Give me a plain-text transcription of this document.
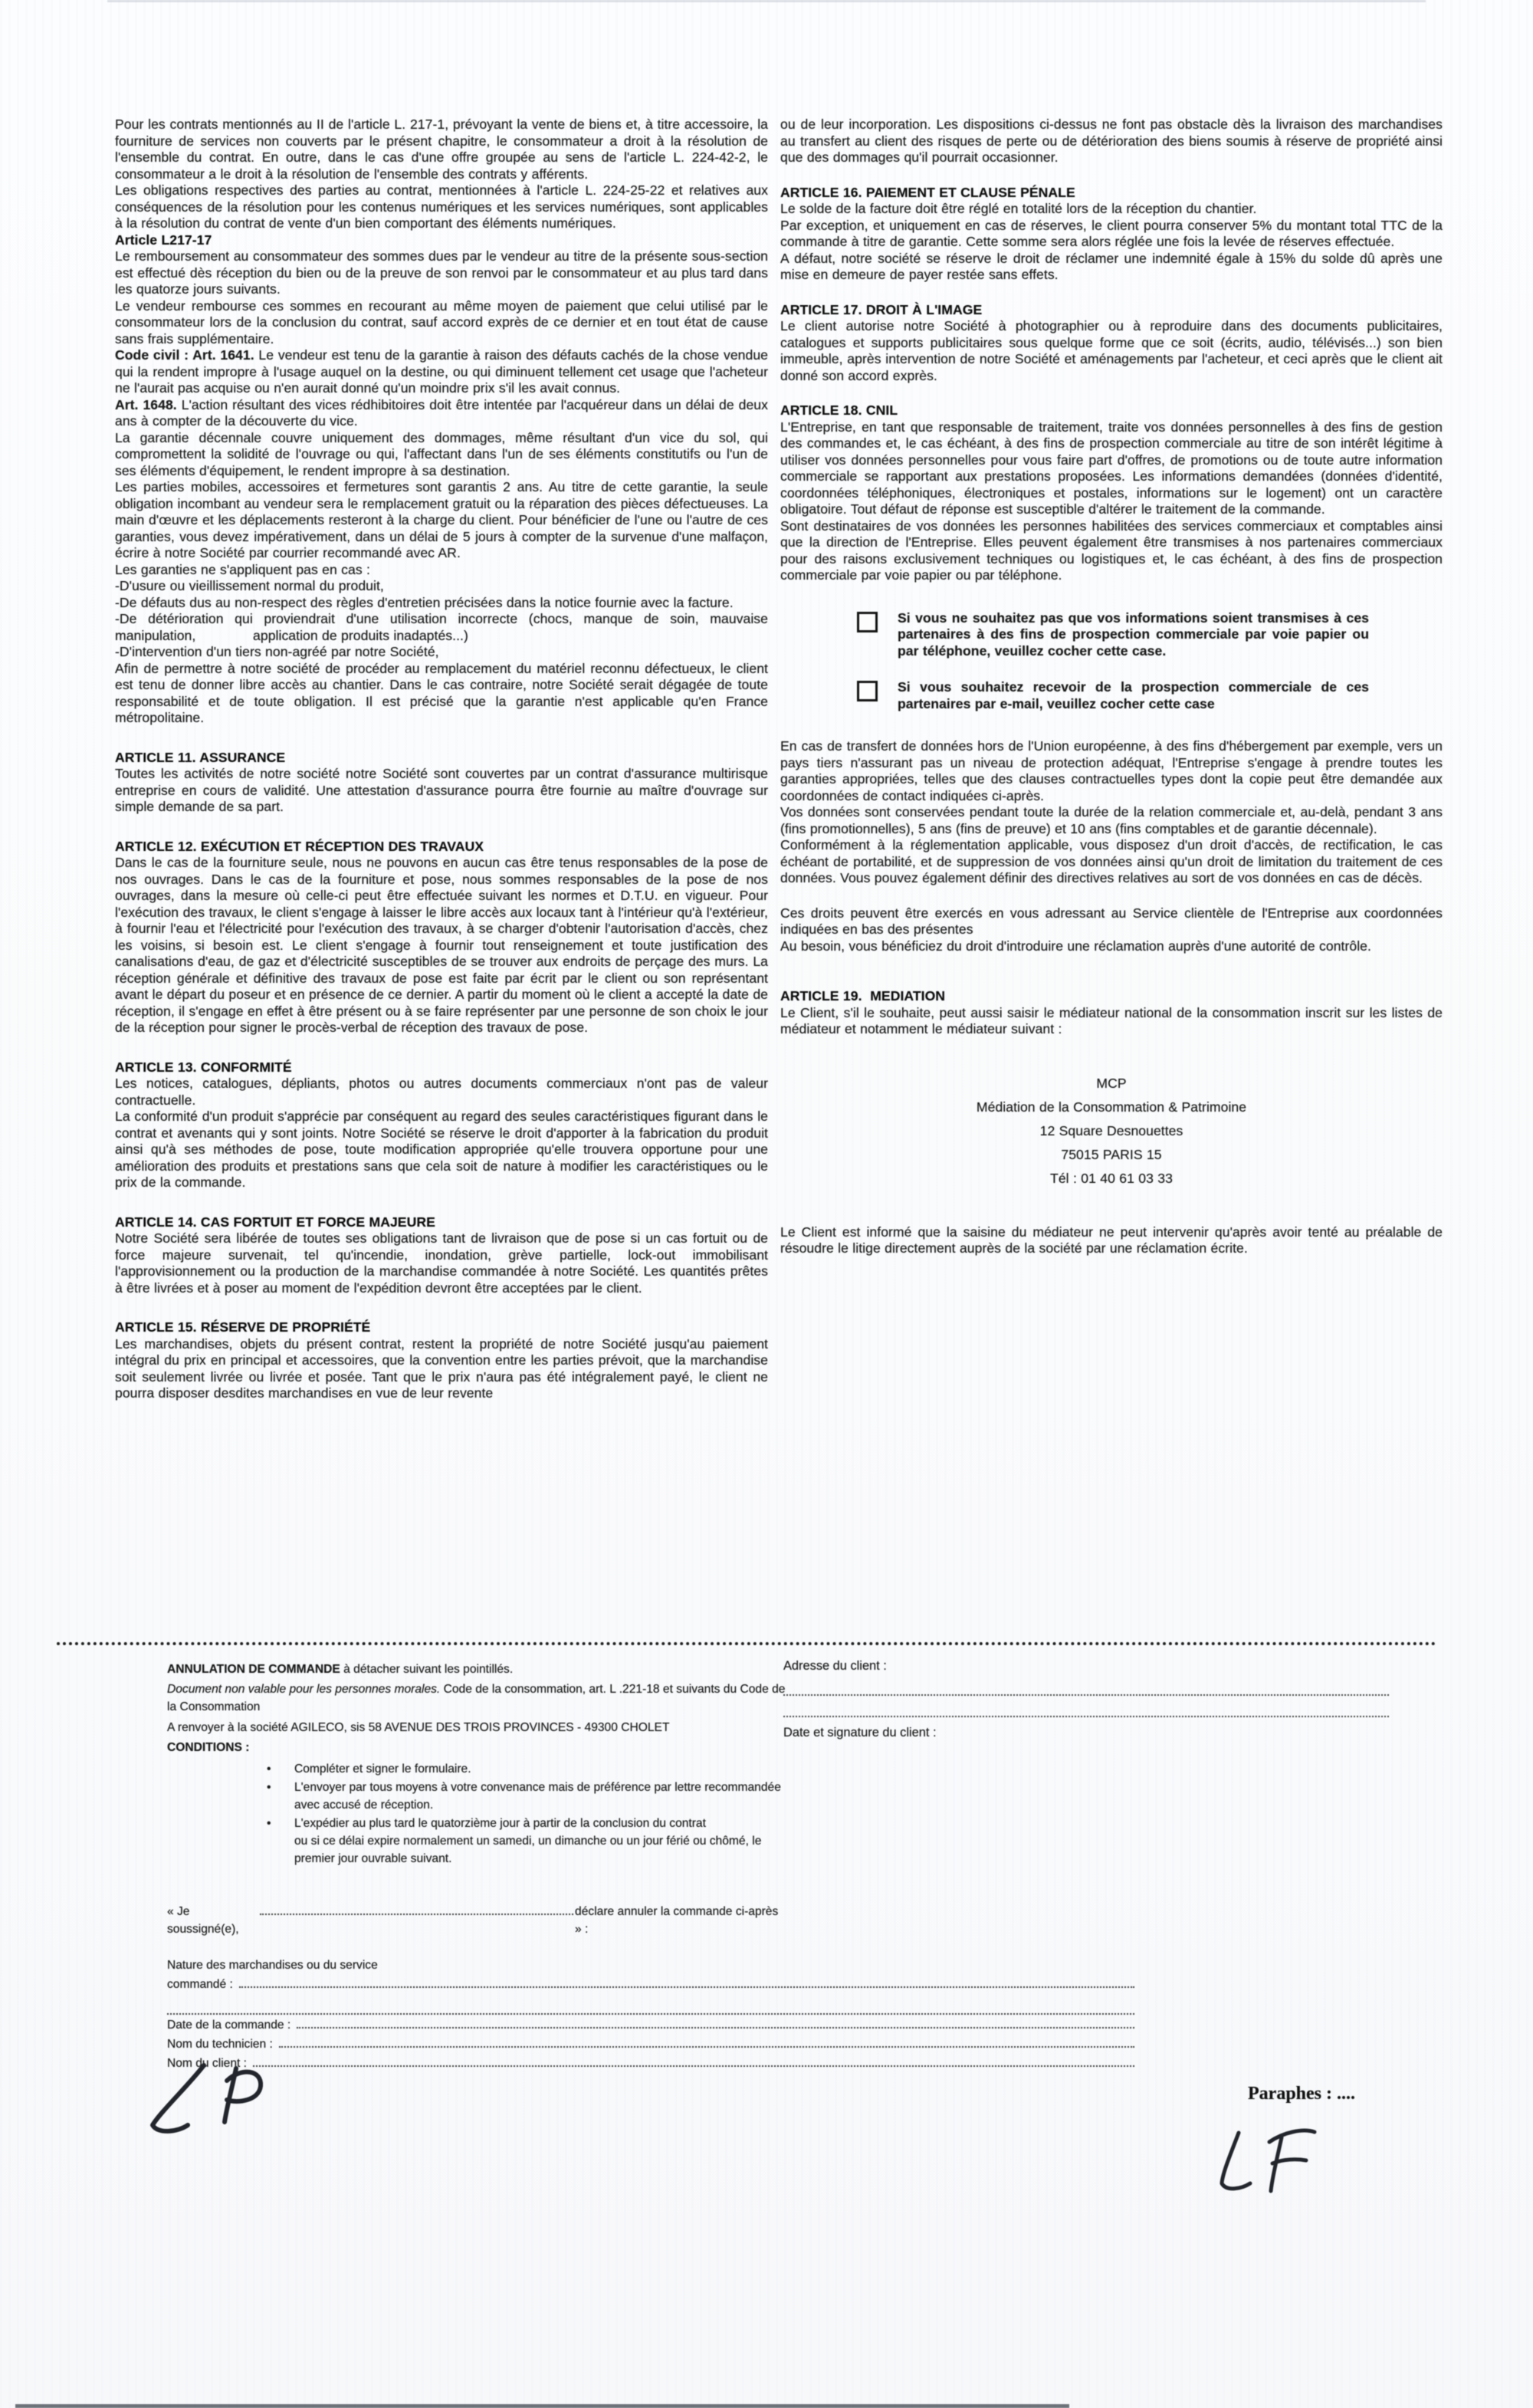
Pour les contrats mentionnés au II de l'article L. 217-1, prévoyant la vente de biens et, à titre accessoire, la fourniture de services non couverts par le présent chapitre, le consommateur a droit à la résolution de l'ensemble du contrat. En outre, dans le cas d'une offre groupée au sens de l'article L. 224-42-2, le consommateur a le droit à la résolution de l'ensemble des contrats y afférents.

Les obligations respectives des parties au contrat, mentionnées à l'article L. 224-25-22 et relatives aux conséquences de la résolution pour les contenus numériques et les services numériques, sont applicables à la résolution du contrat de vente d'un bien comportant des éléments numériques.

Article L217-17

Le remboursement au consommateur des sommes dues par le vendeur au titre de la présente sous-section est effectué dès réception du bien ou de la preuve de son renvoi par le consommateur et au plus tard dans les quatorze jours suivants.

Le vendeur rembourse ces sommes en recourant au même moyen de paiement que celui utilisé par le consommateur lors de la conclusion du contrat, sauf accord exprès de ce dernier et en tout état de cause sans frais supplémentaire.

Code civil : Art. 1641. Le vendeur est tenu de la garantie à raison des défauts cachés de la chose vendue qui la rendent impropre à l'usage auquel on la destine, ou qui diminuent tellement cet usage que l'acheteur ne l'aurait pas acquise ou n'en aurait donné qu'un moindre prix s'il les avait connus.

Art. 1648. L'action résultant des vices rédhibitoires doit être intentée par l'acquéreur dans un délai de deux ans à compter de la découverte du vice.

La garantie décennale couvre uniquement des dommages, même résultant d'un vice du sol, qui compromettent la solidité de l'ouvrage ou qui, l'affectant dans l'un de ses éléments constitutifs ou l'un de ses éléments d'équipement, le rendent impropre à sa destination.

Les parties mobiles, accessoires et fermetures sont garantis 2 ans. Au titre de cette garantie, la seule obligation incombant au vendeur sera le remplacement gratuit ou la réparation des pièces défectueuses. La main d'œuvre et les déplacements resteront à la charge du client. Pour bénéficier de l'une ou l'autre de ces garanties, vous devez impérativement, dans un délai de 5 jours à compter de la survenue d'une malfaçon, écrire à notre Société par courrier recommandé avec AR.

Les garanties ne s'appliquent pas en cas :

-D'usure ou vieillissement normal du produit,

-De défauts dus au non-respect des règles d'entretien précisées dans la notice fournie avec la facture.

-De détérioration qui proviendrait d'une utilisation incorrecte (chocs, manque de soin, mauvaise manipulation,              application de produits inadaptés...)

-D'intervention d'un tiers non-agréé par notre Société,

Afin de permettre à notre société de procéder au remplacement du matériel reconnu défectueux, le client est tenu de donner libre accès au chantier. Dans le cas contraire, notre Société serait dégagée de toute responsabilité et de toute obligation. Il est précisé que la garantie n'est applicable qu'en France métropolitaine.

ARTICLE 11. ASSURANCE

Toutes les activités de notre société notre Société sont couvertes par un contrat d'assurance multirisque entreprise en cours de validité. Une attestation d'assurance pourra être fournie au maître d'ouvrage sur simple demande de sa part.

ARTICLE 12. EXÉCUTION ET RÉCEPTION DES TRAVAUX

Dans le cas de la fourniture seule, nous ne pouvons en aucun cas être tenus responsables de la pose de nos ouvrages. Dans le cas de la fourniture et pose, nous sommes responsables de la pose de nos ouvrages, dans la mesure où celle-ci peut être effectuée suivant les normes et D.T.U. en vigueur. Pour l'exécution des travaux, le client s'engage à laisser le libre accès aux locaux tant à l'intérieur qu'à l'extérieur, à fournir l'eau et l'électricité pour l'exécution des travaux, à se charger d'obtenir l'autorisation d'accès, chez les voisins, si besoin est. Le client s'engage à fournir tout renseignement et toute justification des canalisations d'eau, de gaz et d'électricité susceptibles de se trouver aux endroits de perçage des murs. La réception générale et définitive des travaux de pose est faite par écrit par le client ou son représentant avant le départ du poseur et en présence de ce dernier. A partir du moment où le client a accepté la date de réception, il s'engage en effet à être présent ou à se faire représenter par une personne de son choix le jour de la réception pour signer le procès-verbal de réception des travaux de pose.

ARTICLE 13. CONFORMITÉ

Les notices, catalogues, dépliants, photos ou autres documents commerciaux n'ont pas de valeur contractuelle.

La conformité d'un produit s'apprécie par conséquent au regard des seules caractéristiques figurant dans le contrat et avenants qui y sont joints. Notre Société se réserve le droit d'apporter à la fabrication du produit ainsi qu'à ses méthodes de pose, toute modification appropriée qu'elle trouvera opportune pour une amélioration des produits et prestations sans que cela soit de nature à modifier les caractéristiques ou le prix de la commande.

ARTICLE 14. CAS FORTUIT ET FORCE MAJEURE

Notre Société sera libérée de toutes ses obligations tant de livraison que de pose si un cas fortuit ou de force majeure survenait, tel qu'incendie, inondation, grève partielle, lock-out immobilisant l'approvisionnement ou la production de la marchandise commandée à notre Société. Les quantités prêtes à être livrées et à poser au moment de l'expédition devront être acceptées par le client.

ARTICLE 15. RÉSERVE DE PROPRIÉTÉ

Les marchandises, objets du présent contrat, restent la propriété de notre Société jusqu'au paiement intégral du prix en principal et accessoires, que la convention entre les parties prévoit, que la marchandise soit seulement livrée ou livrée et posée. Tant que le prix n'aura pas été intégralement payé, le client ne pourra disposer desdites marchandises en vue de leur revente

ou de leur incorporation. Les dispositions ci-dessus ne font pas obstacle dès la livraison des marchandises au transfert au client des risques de perte ou de détérioration des biens soumis à réserve de propriété ainsi que des dommages qu'il pourrait occasionner.

ARTICLE 16. PAIEMENT ET CLAUSE PÉNALE

Le solde de la facture doit être réglé en totalité lors de la réception du chantier.

Par exception, et uniquement en cas de réserves, le client pourra conserver 5% du montant total TTC de la commande à titre de garantie. Cette somme sera alors réglée une fois la levée de réserves effectuée.

A défaut, notre société se réserve le droit de réclamer une indemnité égale à 15% du solde dû après une mise en demeure de payer restée sans effets.

ARTICLE 17. DROIT À L'IMAGE

Le client autorise notre Société à photographier ou à reproduire dans des documents publicitaires, catalogues et supports publicitaires sous quelque forme que ce soit (écrits, audio, télévisés...) son bien immeuble, après intervention de notre Société et aménagements par l'acheteur, et ceci après que le client ait donné son accord exprès.

ARTICLE 18. CNIL

L'Entreprise, en tant que responsable de traitement, traite vos données personnelles à des fins de gestion des commandes et, le cas échéant, à des fins de prospection commerciale au titre de son intérêt légitime à utiliser vos données personnelles pour vous faire part d'offres, de promotions ou de toute autre information commerciale se rapportant aux prestations proposées. Les informations demandées (données d'identité, coordonnées téléphoniques, électroniques et postales, informations sur le logement) ont un caractère obligatoire. Tout défaut de réponse est susceptible d'altérer le traitement de la commande.

Sont destinataires de vos données les personnes habilitées des services commerciaux et comptables ainsi que la direction de l'Entreprise. Elles peuvent également être transmises à nos partenaires commerciaux pour des raisons exclusivement techniques ou logistiques et, le cas échéant, à des fins de prospection commerciale par voie papier ou par téléphone.

Si vous ne souhaitez pas que vos informations soient transmises à ces partenaires à des fins de prospection commerciale par voie papier ou par téléphone, veuillez cocher cette case.
Si vous souhaitez recevoir de la prospection commerciale de ces partenaires par e-mail, veuillez cocher cette case

En cas de transfert de données hors de l'Union européenne, à des fins d'hébergement par exemple, vers un pays tiers n'assurant pas un niveau de protection adéquat, l'Entreprise s'engage à prendre toutes les garanties appropriées, telles que des clauses contractuelles types dont la copie peut être demandée aux coordonnées de contact indiquées ci-après.

Vos données sont conservées pendant toute la durée de la relation commerciale et, au-delà, pendant 3 ans (fins promotionnelles), 5 ans (fins de preuve) et 10 ans (fins comptables et de garantie décennale).

Conformément à la réglementation applicable, vous disposez d'un droit d'accès, de rectification, le cas échéant de portabilité, et de suppression de vos données ainsi qu'un droit de limitation du traitement de ces données. Vous pouvez également définir des directives relatives au sort de vos données en cas de décès.

Ces droits peuvent être exercés en vous adressant au Service clientèle de l'Entreprise aux coordonnées indiquées en bas des présentes

Au besoin, vous bénéficiez du droit d'introduire une réclamation auprès d'une autorité de contrôle.

ARTICLE 19.  MEDIATION

Le Client, s'il le souhaite, peut aussi saisir le médiateur national de la consommation inscrit sur les listes de médiateur et notamment le médiateur suivant :

MCP
Médiation de la Consommation & Patrimoine
12 Square Desnouettes
75015 PARIS 15
Tél : 01 40 61 03 33

Le Client est informé que la saisine du médiateur ne peut intervenir qu'après avoir tenté au préalable de résoudre le litige directement auprès de la société par une réclamation écrite.

ANNULATION DE COMMANDE à détacher suivant les pointillés.
Document non valable pour les personnes morales. Code de la consommation, art. L .221-18 et suivants du Code de la Consommation
A renvoyer à la société AGILECO, sis 58 AVENUE DES TROIS PROVINCES - 49300 CHOLET
CONDITIONS :
•	Compléter et signer le formulaire.
•	L'envoyer par tous moyens à votre convenance mais de préférence par lettre recommandée avec accusé de réception.
•	L'expédier au plus tard le quatorzième jour à partir de la conclusion du contrat
ou si ce délai expire normalement un samedi, un dimanche ou un jour férié ou chômé, le premier jour ouvrable suivant.
« Je soussigné(e),
déclare annuler la commande ci-après » :
Nature des marchandises ou du service
commandé :
Date de la commande :
Nom du technicien :
Nom du client :
Adresse du client :
Date et signature du client :
Paraphes : ....
